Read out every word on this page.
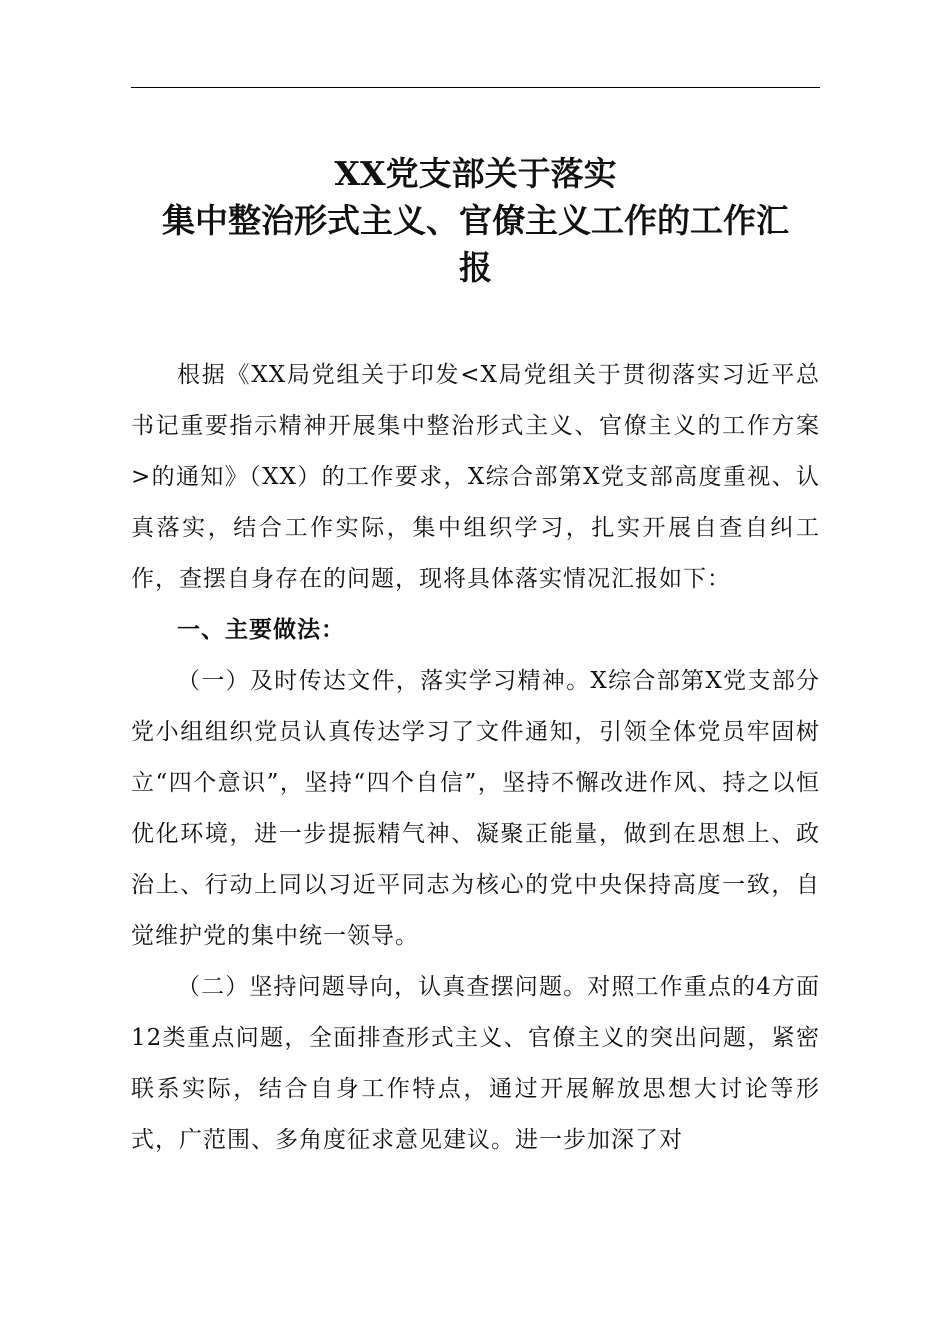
XX党支部关于落实
集中整治形式主义、官僚主义工作的工作汇
报

根据《XX局党组关于印发<X局党组关于贯彻落实习近平总书记重要指示精神开展集中整治形式主义、官僚主义的工作方案>的通知》（XX）的工作要求，X综合部第X党支部高度重视、认真落实，结合工作实际，集中组织学习，扎实开展自查自纠工作，查摆自身存在的问题，现将具体落实情况汇报如下：

一、主要做法：

（一）及时传达文件，落实学习精神。X综合部第X党支部分党小组组织党员认真传达学习了文件通知，引领全体党员牢固树立“四个意识”，坚持“四个自信”，坚持不懈改进作风、持之以恒优化环境，进一步提振精气神、凝聚正能量，做到在思想上、政治上、行动上同以习近平同志为核心的党中央保持高度一致，自觉维护党的集中统一领导。

（二）坚持问题导向，认真查摆问题。对照工作重点的4方面12类重点问题，全面排查形式主义、官僚主义的突出问题，紧密联系实际，结合自身工作特点，通过开展解放思想大讨论等形式，广范围、多角度征求意见建议。进一步加深了对
